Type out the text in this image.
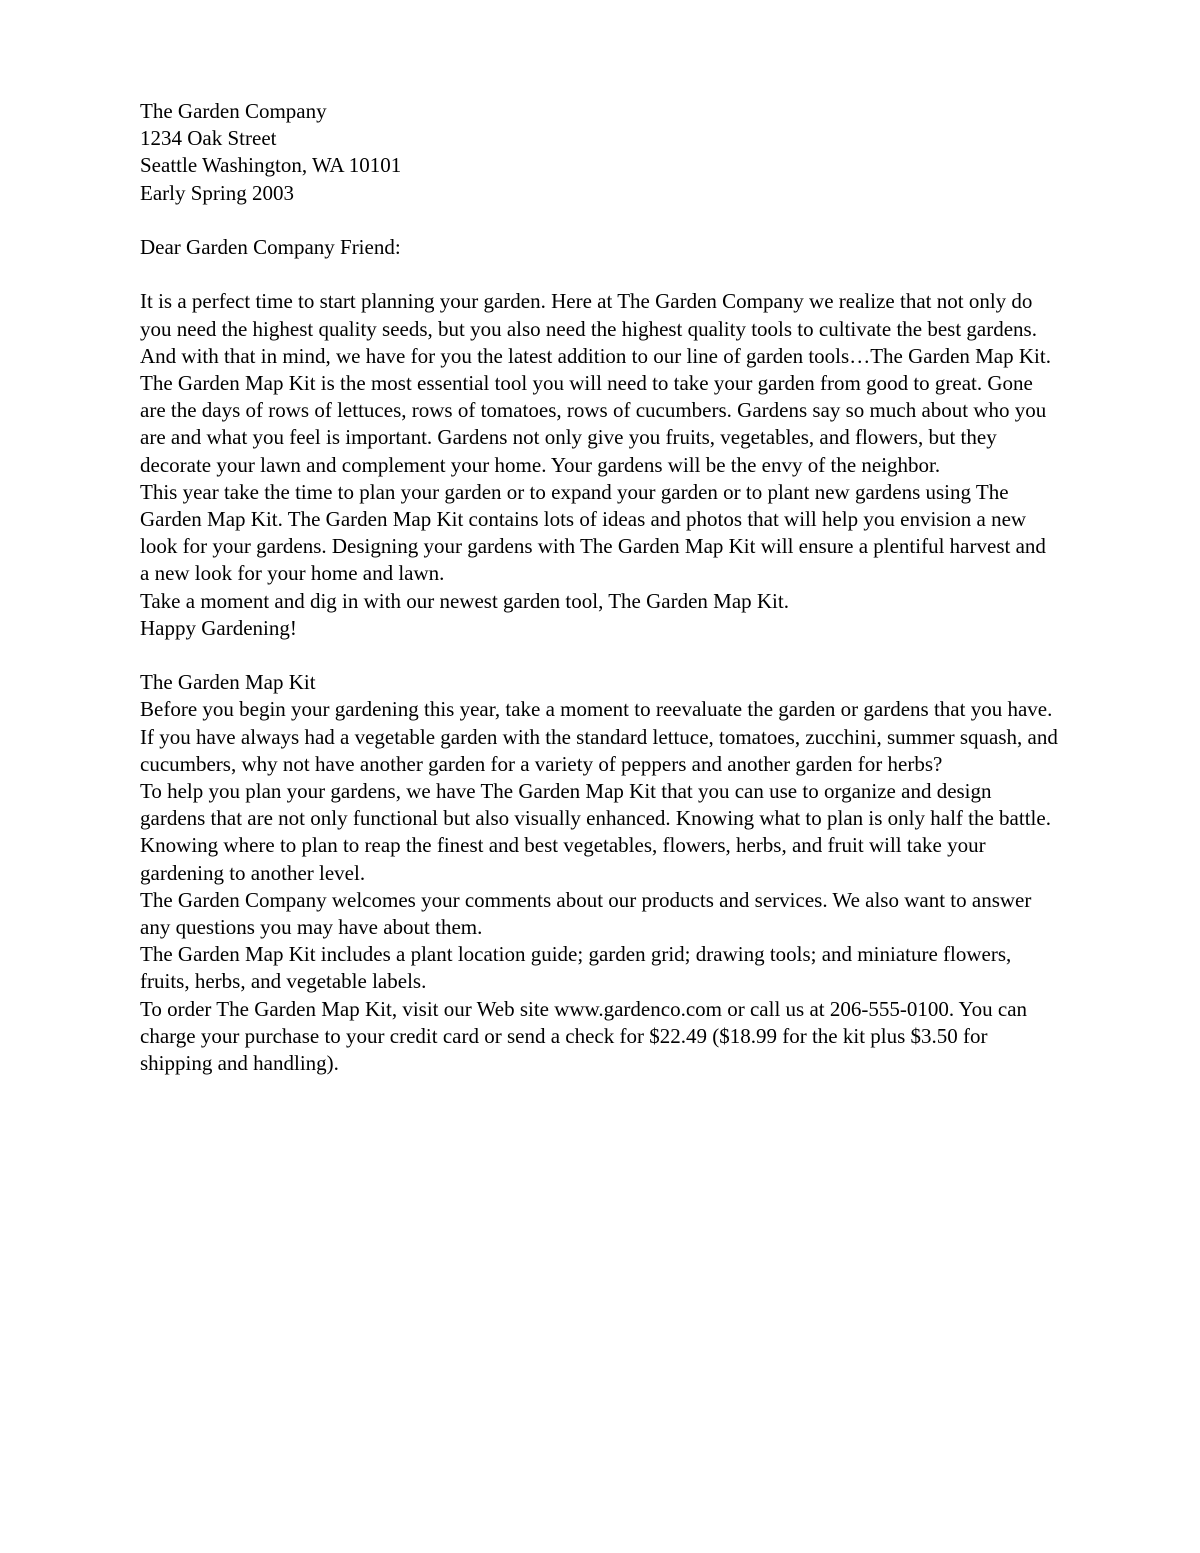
The Garden Company
1234 Oak Street
Seattle Washington, WA 10101
Early Spring 2003
Dear Garden Company Friend:

It is a perfect time to start planning your garden. Here at The Garden Company we realize that not only do you need the highest quality seeds, but you also need the highest quality tools to cultivate the best gardens. And with that in mind, we have for you the latest addition to our line of garden tools…The Garden Map Kit.

The Garden Map Kit is the most essential tool you will need to take your garden from good to great. Gone are the days of rows of lettuces, rows of tomatoes, rows of cucumbers. Gardens say so much about who you are and what you feel is important. Gardens not only give you fruits, vegetables, and flowers, but they decorate your lawn and complement your home. Your gardens will be the envy of the neighbor.

This year take the time to plan your garden or to expand your garden or to plant new gardens using The Garden Map Kit. The Garden Map Kit contains lots of ideas and photos that will help you envision a new look for your gardens. Designing your gardens with The Garden Map Kit will ensure a plentiful harvest and a new look for your home and lawn.

Take a moment and dig in with our newest garden tool, The Garden Map Kit.

Happy Gardening!

The Garden Map Kit

Before you begin your gardening this year, take a moment to reevaluate the garden or gardens that you have. If you have always had a vegetable garden with the standard lettuce, tomatoes, zucchini, summer squash, and cucumbers, why not have another garden for a variety of peppers and another garden for herbs?

To help you plan your gardens, we have The Garden Map Kit that you can use to organize and design gardens that are not only functional but also visually enhanced. Knowing what to plan is only half the battle. Knowing where to plan to reap the finest and best vegetables, flowers, herbs, and fruit will take your gardening to another level.

The Garden Company welcomes your comments about our products and services. We also want to answer any questions you may have about them.

The Garden Map Kit includes a plant location guide; garden grid; drawing tools; and miniature flowers, fruits, herbs, and vegetable labels.

To order The Garden Map Kit, visit our Web site www.gardenco.com or call us at 206-555-0100. You can charge your purchase to your credit card or send a check for $22.49 ($18.99 for the kit plus $3.50 for shipping and handling).
